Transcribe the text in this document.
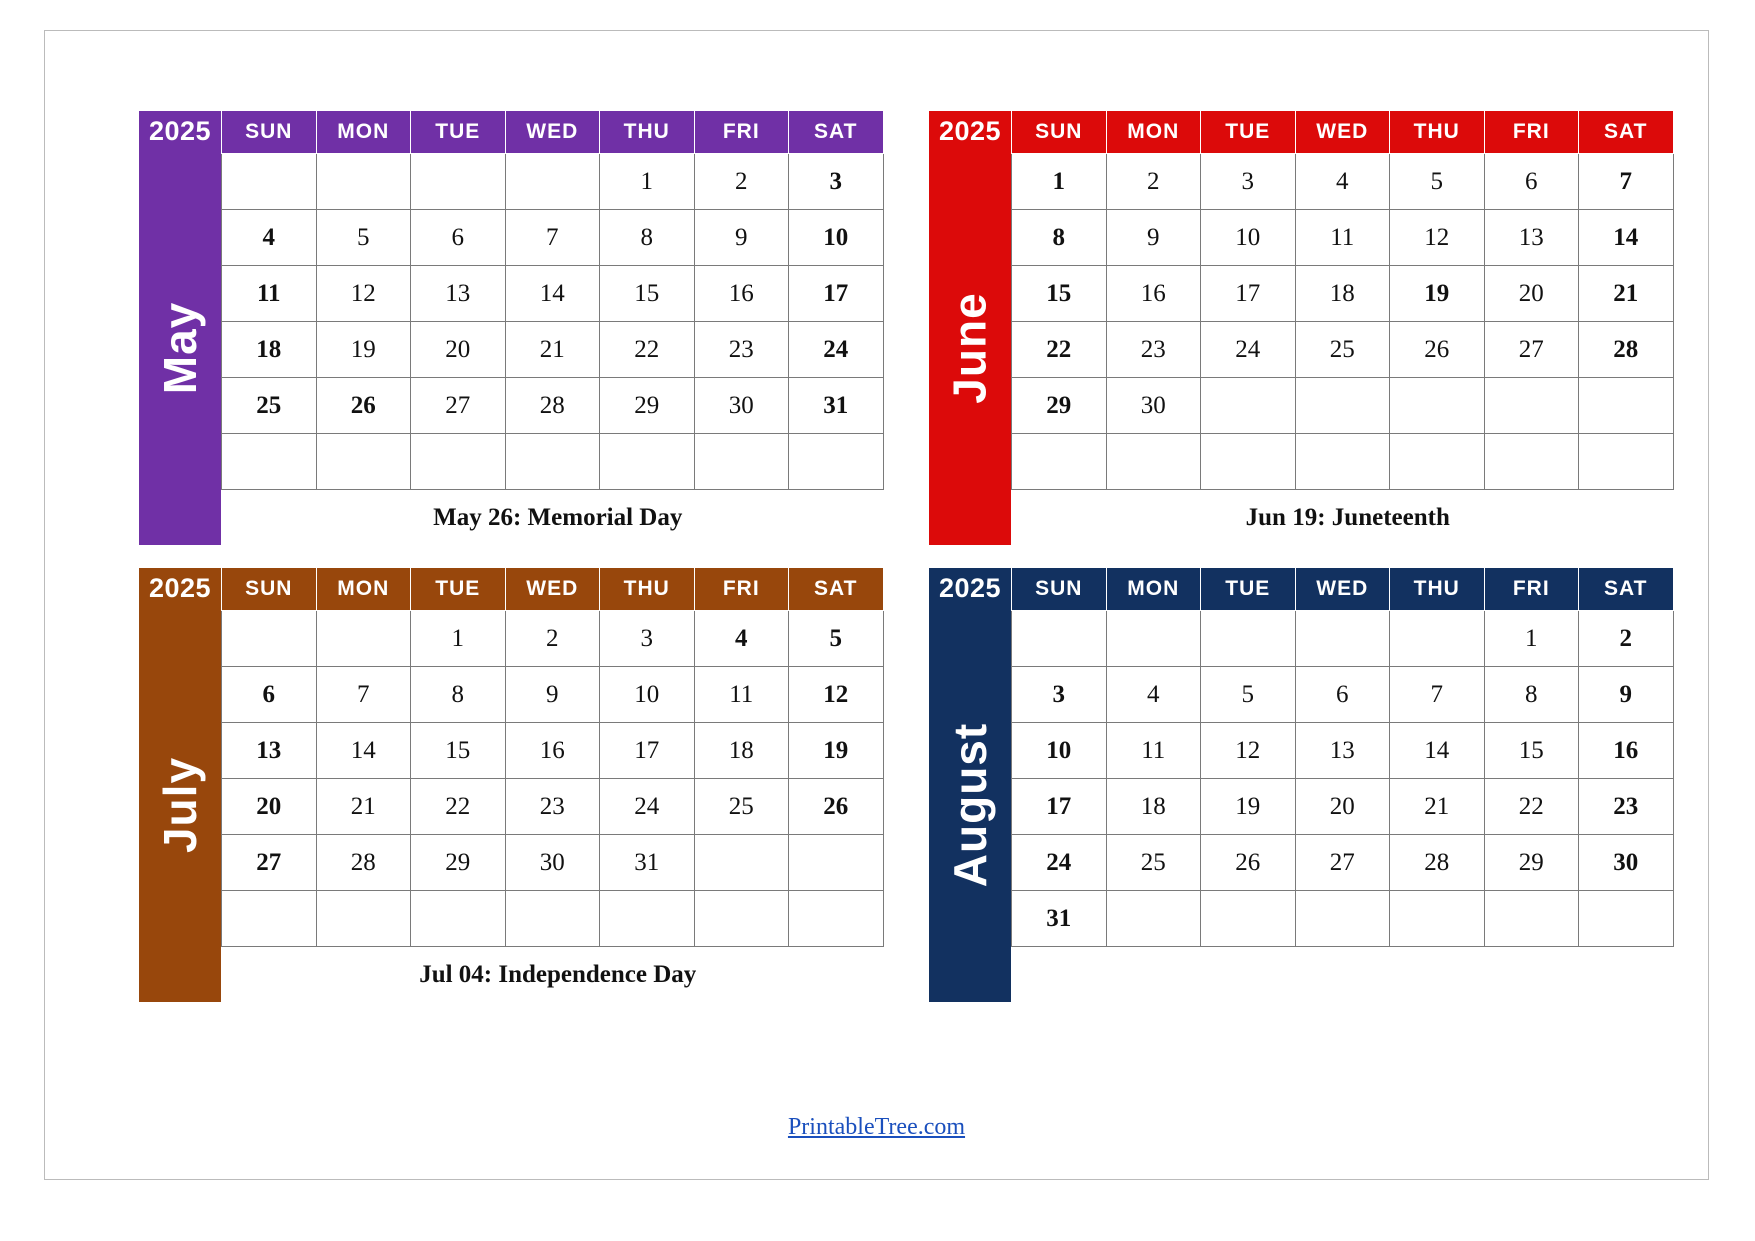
2025
May
SUN	MON	TUE	WED	THU	FRI	SAT
				1	2	3
4	5	6	7	8	9	10
11	12	13	14	15	16	17
18	19	20	21	22	23	24
25	26	27	28	29	30	31

May 26: Memorial Day						
2025
June
SUN	MON	TUE	WED	THU	FRI	SAT
1	2	3	4	5	6	7
8	9	10	11	12	13	14
15	16	17	18	19	20	21
22	23	24	25	26	27	28
29	30					

Jun 19: Juneteenth						
2025
July
SUN	MON	TUE	WED	THU	FRI	SAT
		1	2	3	4	5
6	7	8	9	10	11	12
13	14	15	16	17	18	19
20	21	22	23	24	25	26
27	28	29	30	31		

Jul 04: Independence Day						
2025
August
SUN	MON	TUE	WED	THU	FRI	SAT
					1	2
3	4	5	6	7	8	9
10	11	12	13	14	15	16
17	18	19	20	21	22	23
24	25	26	27	28	29	30
31						

PrintableTree.com
